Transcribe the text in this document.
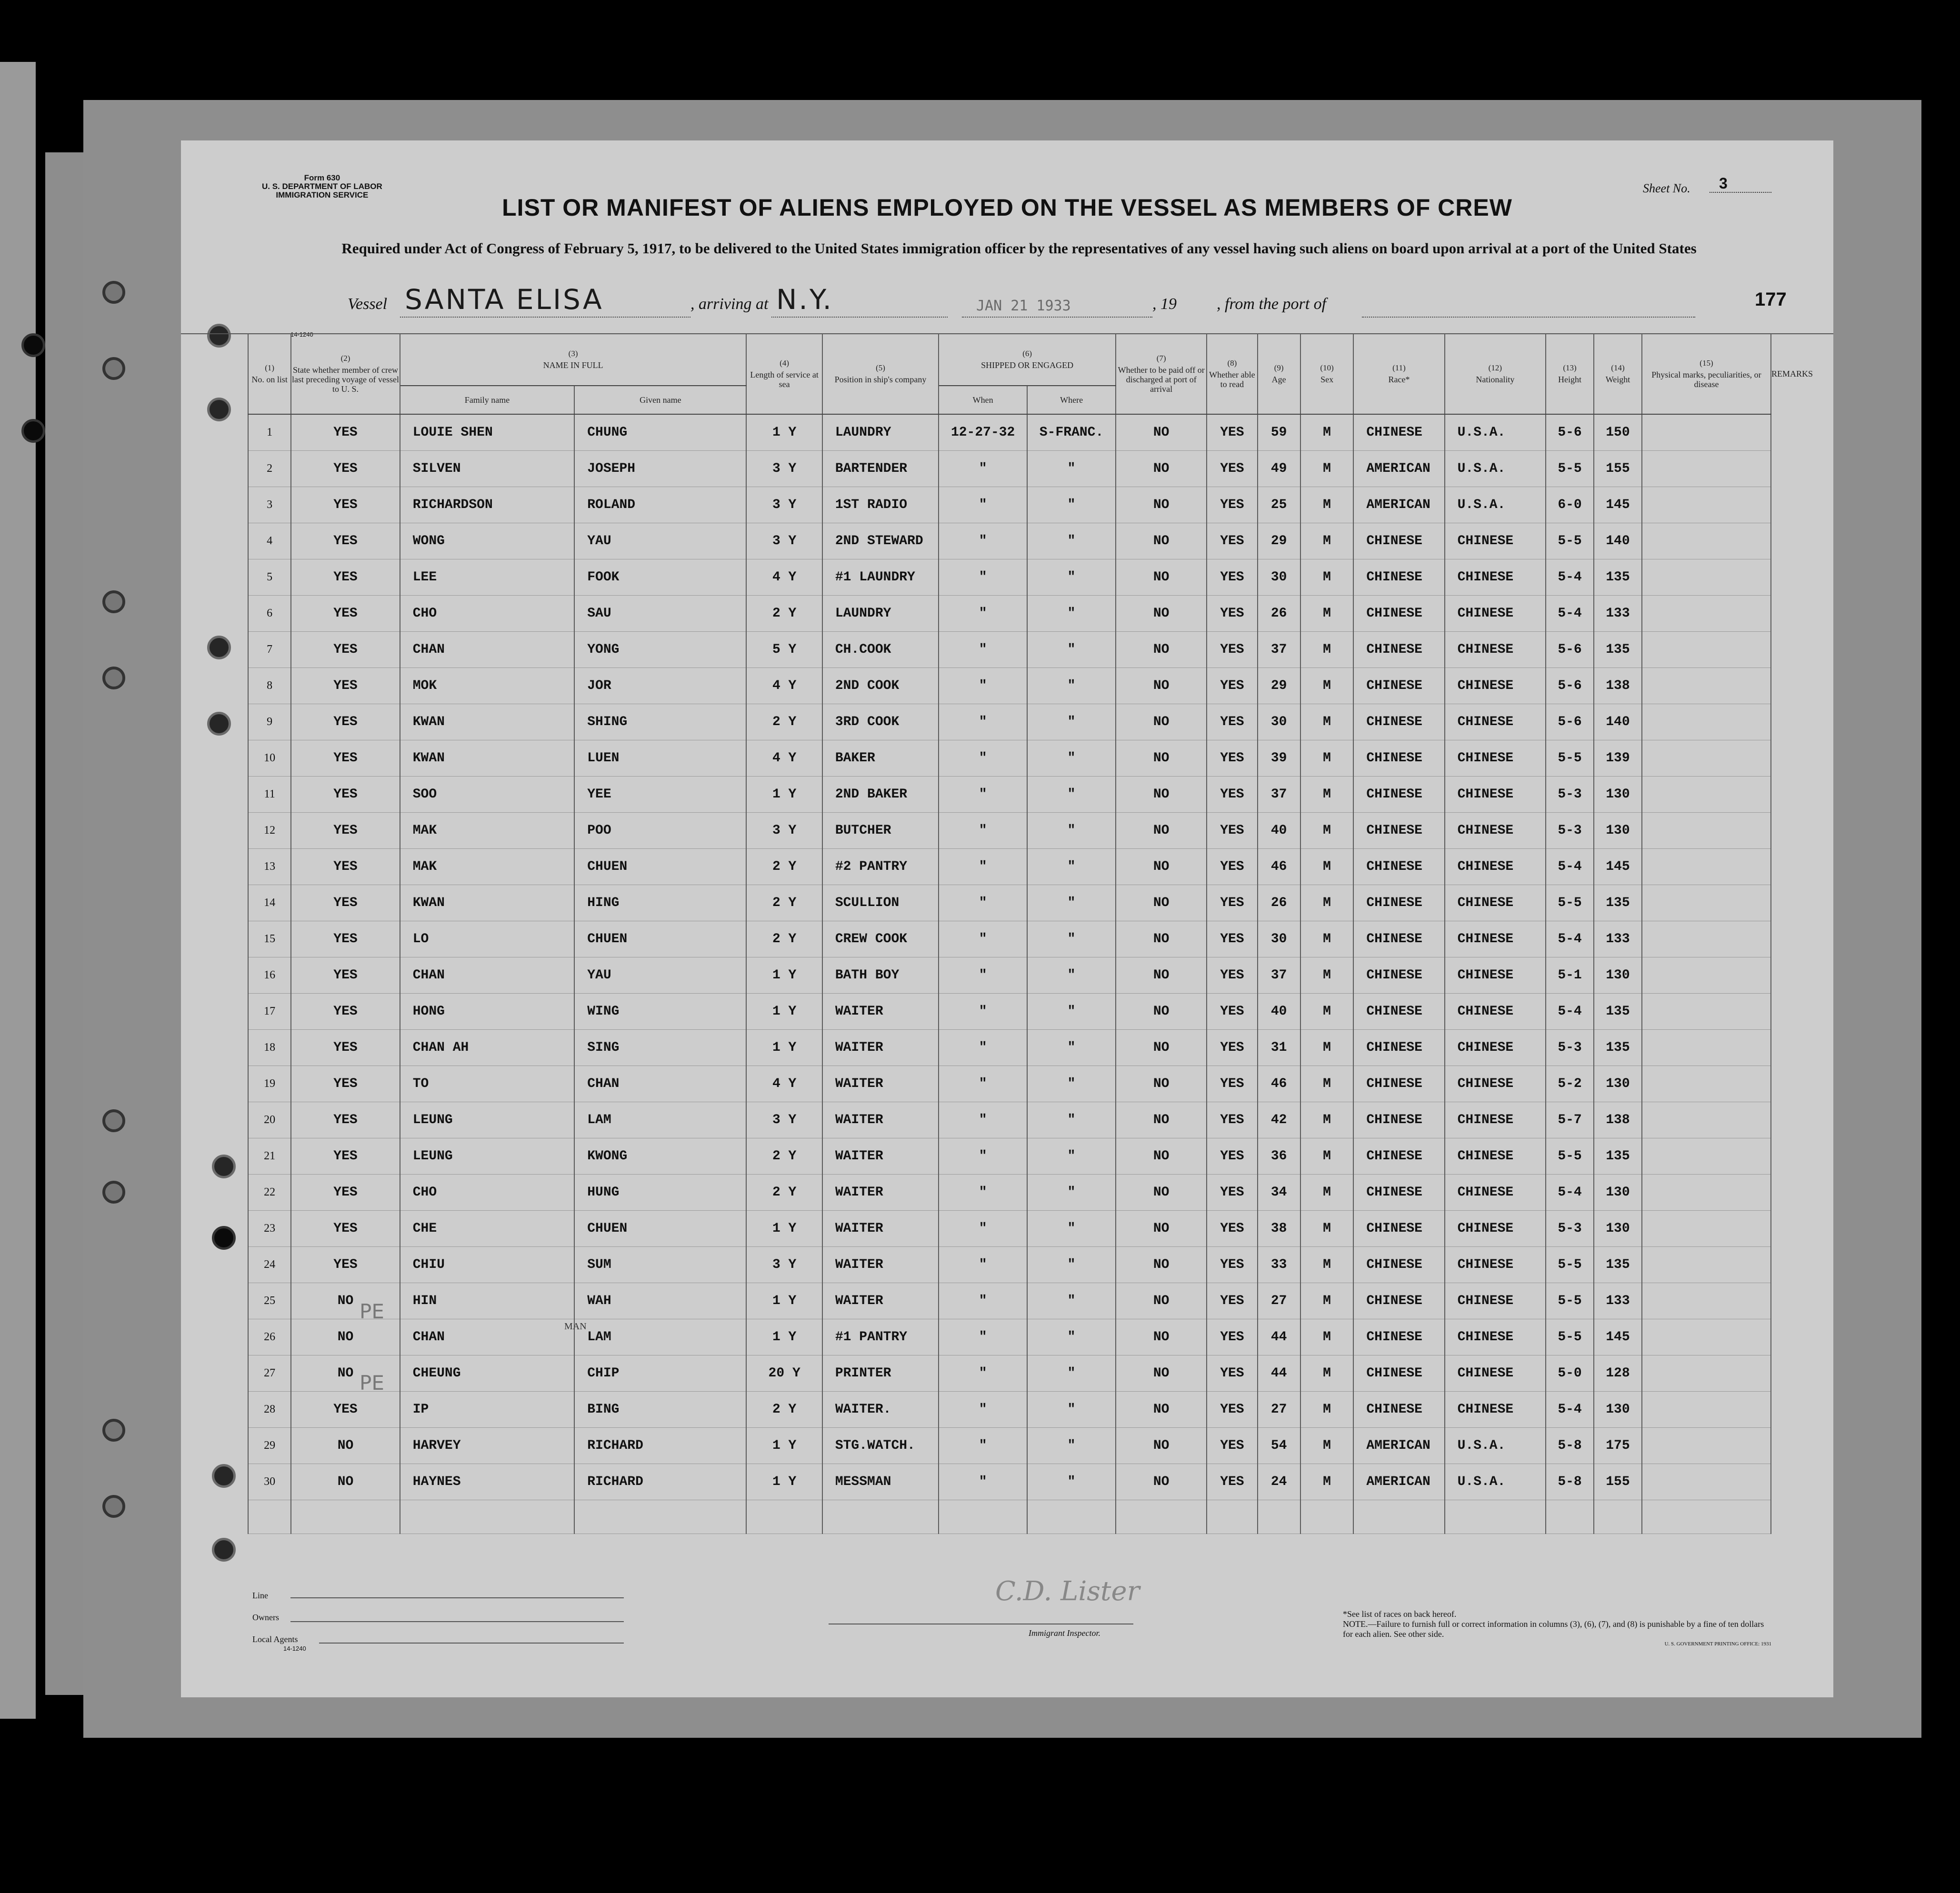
Form 630
U. S. DEPARTMENT OF LABOR
IMMIGRATION SERVICE	Sheet No. 3
LIST OR MANIFEST OF ALIENS EMPLOYED ON THE VESSEL AS MEMBERS OF CREW
Required under Act of Congress of February 5, 1917, to be delivered to the United States immigration officer by the representatives of any vessel having such aliens on board upon arrival at a port of the United States
Vessel SANTA ELISA	, arriving at N.Y.	JAN 21 1933	, 19 , from the port of	177
14-1240
(1)
No. on list	(2)
State whether member of crew last preceding voyage of vessel to U. S.	(3)
NAME IN FULL		(4)
Length of service at sea	(5)
Position in ship's company	(6)
SHIPPED OR ENGAGED		(7)
Whether to be paid off or discharged at port of arrival	(8)
Whether able to read	(9)
Age	(10)
Sex	(11)
Race*	(12)
Nationality	(13)
Height	(14)
Weight	(15)
Physical marks, peculiarities, or disease	REMARKS
		Family name	Given name			When	Where										
1	YES	LOUIE SHEN	CHUNG	1 Y	LAUNDRY	12-27-32	S-FRANC.	NO	YES	59	M	CHINESE	U.S.A.	5-6	150		
2	YES	SILVEN	JOSEPH	3 Y	BARTENDER	"	"	NO	YES	49	M	AMERICAN	U.S.A.	5-5	155		
3	YES	RICHARDSON	ROLAND	3 Y	1ST RADIO	"	"	NO	YES	25	M	AMERICAN	U.S.A.	6-0	145		
4	YES	WONG	YAU	3 Y	2ND STEWARD	"	"	NO	YES	29	M	CHINESE	CHINESE	5-5	140		
5	YES	LEE	FOOK	4 Y	#1 LAUNDRY	"	"	NO	YES	30	M	CHINESE	CHINESE	5-4	135		
6	YES	CHO	SAU	2 Y	LAUNDRY	"	"	NO	YES	26	M	CHINESE	CHINESE	5-4	133		
7	YES	CHAN	YONG	5 Y	CH.COOK	"	"	NO	YES	37	M	CHINESE	CHINESE	5-6	135		
8	YES	MOK	JOR	4 Y	2ND COOK	"	"	NO	YES	29	M	CHINESE	CHINESE	5-6	138		
9	YES	KWAN	SHING	2 Y	3RD COOK	"	"	NO	YES	30	M	CHINESE	CHINESE	5-6	140		
10	YES	KWAN	LUEN	4 Y	BAKER	"	"	NO	YES	39	M	CHINESE	CHINESE	5-5	139		
11	YES	SOO	YEE	1 Y	2ND BAKER	"	"	NO	YES	37	M	CHINESE	CHINESE	5-3	130		
12	YES	MAK	POO	3 Y	BUTCHER	"	"	NO	YES	40	M	CHINESE	CHINESE	5-3	130		
13	YES	MAK	CHUEN	2 Y	#2 PANTRY	"	"	NO	YES	46	M	CHINESE	CHINESE	5-4	145		
14	YES	KWAN	HING	2 Y	SCULLION	"	"	NO	YES	26	M	CHINESE	CHINESE	5-5	135		
15	YES	LO	CHUEN	2 Y	CREW COOK	"	"	NO	YES	30	M	CHINESE	CHINESE	5-4	133		
16	YES	CHAN	YAU	1 Y	BATH BOY	"	"	NO	YES	37	M	CHINESE	CHINESE	5-1	130		
17	YES	HONG	WING	1 Y	WAITER	"	"	NO	YES	40	M	CHINESE	CHINESE	5-4	135		
18	YES	CHAN AH	SING	1 Y	WAITER	"	"	NO	YES	31	M	CHINESE	CHINESE	5-3	135		
19	YES	TO	CHAN	4 Y	WAITER	"	"	NO	YES	46	M	CHINESE	CHINESE	5-2	130		
20	YES	LEUNG	LAM	3 Y	WAITER	"	"	NO	YES	42	M	CHINESE	CHINESE	5-7	138		
21	YES	LEUNG	KWONG	2 Y	WAITER	"	"	NO	YES	36	M	CHINESE	CHINESE	5-5	135		
22	YES	CHO	HUNG	2 Y	WAITER	"	"	NO	YES	34	M	CHINESE	CHINESE	5-4	130		
23	YES	CHE	CHUEN	1 Y	WAITER	"	"	NO	YES	38	M	CHINESE	CHINESE	5-3	130		
24	YES	CHIU	SUM	3 Y	WAITER	"	"	NO	YES	33	M	CHINESE	CHINESE	5-5	135		
25	NO	HIN	WAH	1 Y	WAITER	"	"	NO	YES	27	M	CHINESE	CHINESE	5-5	133		
26	NO	CHAN	LAM	1 Y	#1 PANTRY	"	"	NO	YES	44	M	CHINESE	CHINESE	5-5	145		
27	NO	CHEUNG	CHIP	20 Y	PRINTER	"	"	NO	YES	44	M	CHINESE	CHINESE	5-0	128		
28	YES	IP	BING	2 Y	WAITER.	"	"	NO	YES	27	M	CHINESE	CHINESE	5-4	130		
29	NO	HARVEY	RICHARD	1 Y	STG.WATCH.	"	"	NO	YES	54	M	AMERICAN	U.S.A.	5-8	175		
30	NO	HAYNES	RICHARD	1 Y	MESSMAN	"	"	NO	YES	24	M	AMERICAN	U.S.A.	5-8	155		

PE
PE
MAN
C.D. Lister
Line
Owners
Local Agents
14-1240
Immigrant Inspector.
*See list of races on back hereof.
NOTE.—Failure to furnish full or correct information in columns (3), (6), (7), and (8) is punishable by a fine of ten dollars for each alien. See other side.
U. S. GOVERNMENT PRINTING OFFICE: 1931
